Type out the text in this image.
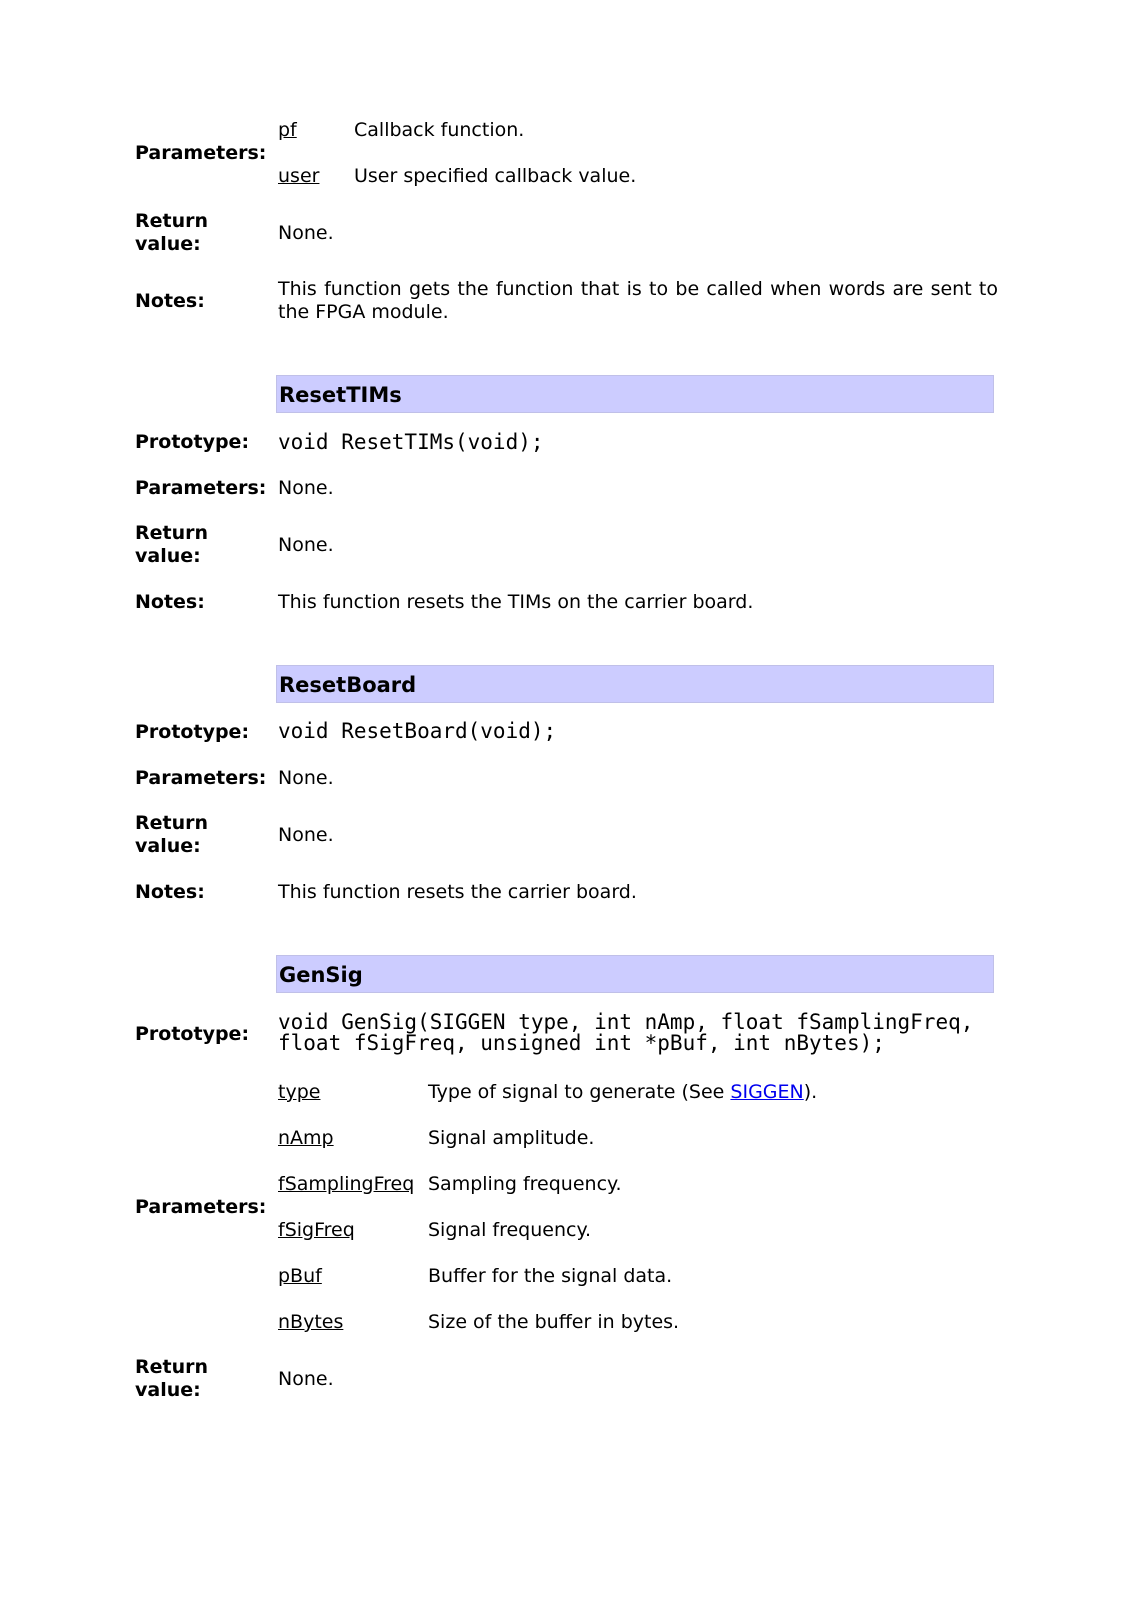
pf	Callback function.
Parameters:
user User specified callback value.
Return
value:	None.
Notes:
This function gets the function that is to be called when words are sent to the FPGA module.
ResetTIMs
Prototype: void ResetTIMs(void);
Parameters: None.
Return
value:	None.
Notes:	This function resets the TIMs on the carrier board.
ResetBoard
Prototype: void ResetBoard(void);
Parameters: None.
Return
value:	None.
Notes:	This function resets the carrier board.
GenSig
Prototype: void GenSig(SIGGEN type, int nAmp, float fSamplingFreq,
float fSigFreq, unsigned int *pBuf, int nBytes);
type	Type of signal to generate (See SIGGEN).
nAmp	Signal amplitude.
fSamplingFreq Sampling frequency.
Parameters:
fSigFreq	Signal frequency.
pBuf	Buffer for the signal data.
nBytes	Size of the buffer in bytes.
Return
value:	None.
